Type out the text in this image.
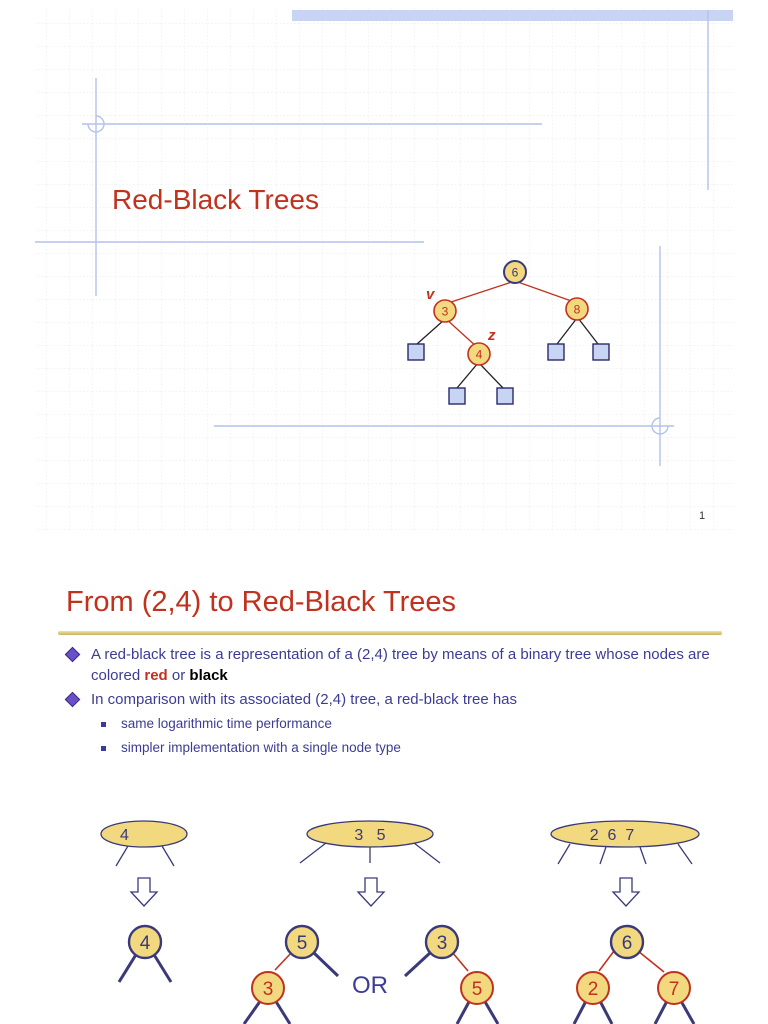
Red-Black Trees
6
3	8
4
v
z
1
From (2,4) to Red-Black Trees
A red-black tree is a representation of a (2,4) tree by means of a binary tree whose nodes are colored red or black
In comparison with its associated (2,4) tree, a red-black tree has
same logarithmic time performance
simpler implementation with a single node type
4
4
3   5
5
3	OR
3
5
2  6  7
6
2	7
